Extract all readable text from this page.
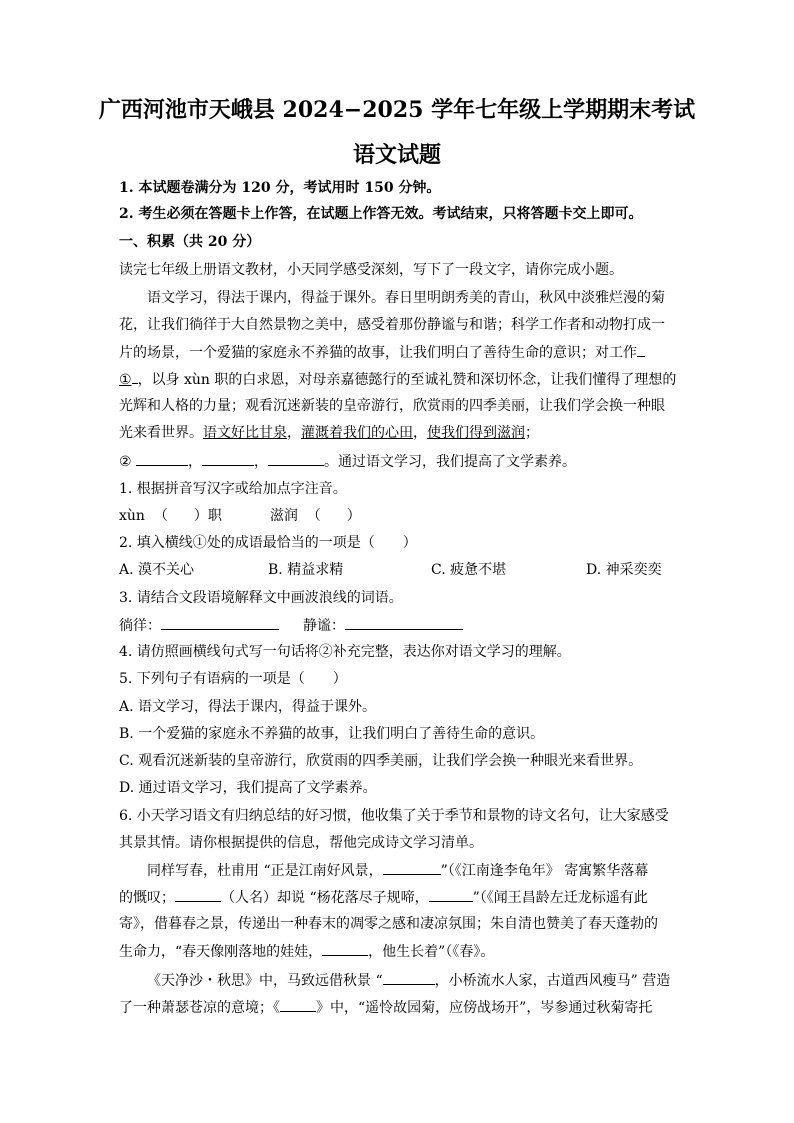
广西河池市天峨县 2024−2025 学年七年级上学期期末考试
语文试题
1. 本试题卷满分为 120 分，考试用时 150 分钟。
2. 考生必须在答题卡上作答，在试题上作答无效。考试结束，只将答题卡交上即可。
一、积累（共 20 分）
读完七年级上册语文教材，小天同学感受深刻，写下了一段文字，请你完成小题。
语文学习，得法于课内，得益于课外。春日里明朗秀美的青山，秋风中淡雅烂漫的菊
花，让我们徜徉于大自然景物之美中，感受着那份静谧与和谐；科学工作者和动物打成一
片的场景，一个爱猫的家庭永不养猫的故事，让我们明白了善待生命的意识；对工作
① ，以身 xùn 职的白求恩，对母亲嘉德懿行的至诚礼赞和深切怀念，让我们懂得了理想的
光辉和人格的力量；观看沉迷新装的皇帝游行，欣赏雨的四季美丽，让我们学会换一种眼
光来看世界。语文好比甘泉，灌溉着我们的心田，使我们得到滋润；
②	，	，	。通过语文学习，我们提高了文学素养。
1. 根据拼音写汉字或给加点字注音。
xùn （ ）职	滋润 （ ）
2. 填入横线①处的成语最恰当的一项是（　　）
A. 漠不关心	B. 精益求精	C. 疲惫不堪	D. 神采奕奕
3. 请结合文段语境解释文中画波浪线的词语。
徜徉：	静谧：
4. 请仿照画横线句式写一句话将②补充完整，表达你对语文学习的理解。
5. 下列句子有语病的一项是（　　）
A. 语文学习，得法于课内，得益于课外。
B. 一个爱猫的家庭永不养猫的故事，让我们明白了善待生命的意识。
C. 观看沉迷新装的皇帝游行，欣赏雨的四季美丽，让我们学会换一种眼光来看世界。
D. 通过语文学习，我们提高了文学素养。
6. 小天学习语文有归纳总结的好习惯，他收集了关于季节和景物的诗文名句，让大家感受
其景其情。请你根据提供的信息，帮他完成诗文学习清单。
同样写春，杜甫用 “正是江南好风景，	”（《江南逢李龟年》 寄寓繁华落幕
的慨叹；	（人名）却说 “杨花落尽子规啼，	”（《闻王昌龄左迁龙标遥有此
寄》，借暮春之景，传递出一种春末的凋零之感和凄凉氛围；朱自清也赞美了春天蓬勃的
生命力，“春天像刚落地的娃娃，	，他生长着”（《春》。
《天净沙・秋思》中，马致远借秋景 “	，小桥流水人家，古道西风瘦马” 营造
了一种萧瑟苍凉的意境；《	》中，“遥怜故园菊，应傍战场开”，岑参通过秋菊寄托
